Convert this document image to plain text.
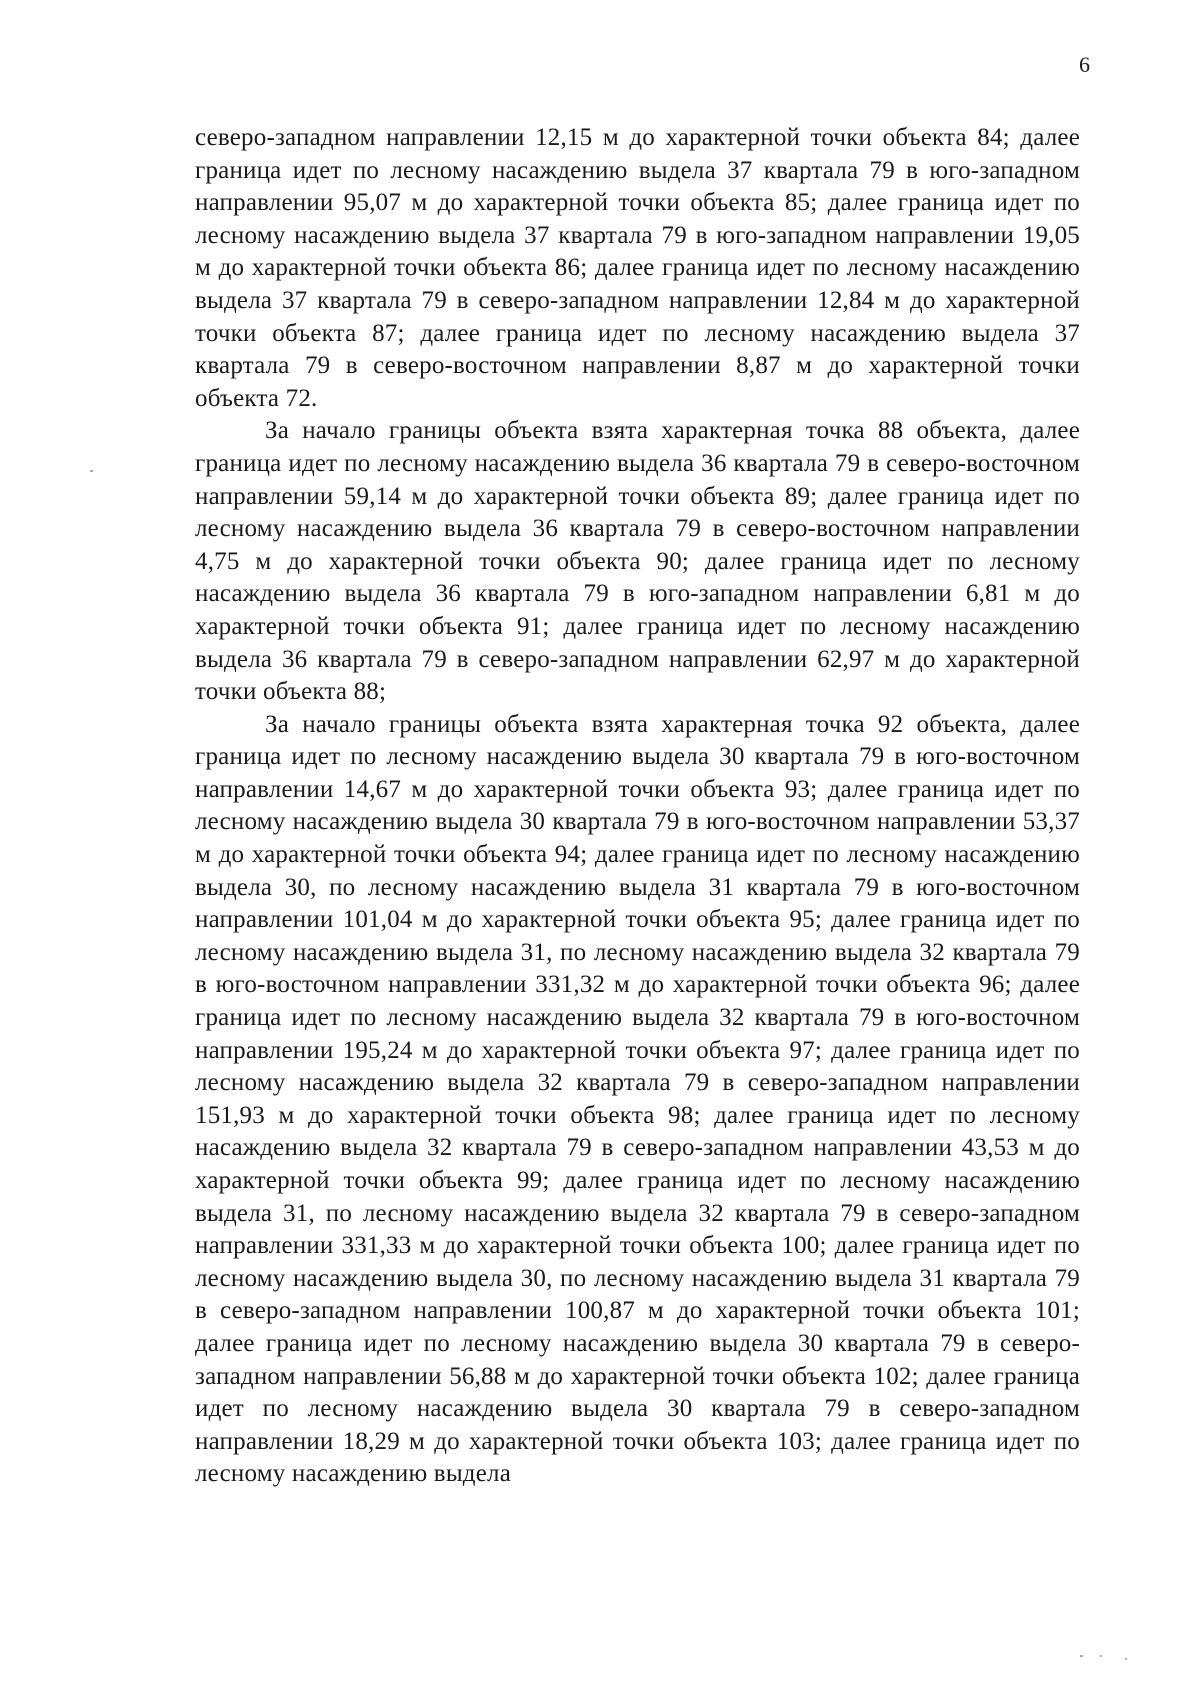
6

северо-западном направлении 12,15 м до характерной точки объекта 84; далее граница идет по лесному насаждению выдела 37 квартала 79 в юго-западном направлении 95,07 м до характерной точки объекта 85; далее граница идет по лесному насаждению выдела 37 квартала 79 в юго-западном направлении 19,05 м до характерной точки объекта 86; далее граница идет по лесному насаждению выдела 37 квартала 79 в северо-западном направлении 12,84 м до характерной точки объекта 87; далее граница идет по лесному насаждению выдела 37 квартала 79 в северо-восточном направлении 8,87 м до характерной точки объекта 72.

За начало границы объекта взята характерная точка 88 объекта, далее граница идет по лесному насаждению выдела 36 квартала 79 в северо-восточном направлении 59,14 м до характерной точки объекта 89; далее граница идет по лесному насаждению выдела 36 квартала 79 в северо-восточном направлении 4,75 м до характерной точки объекта 90; далее граница идет по лесному насаждению выдела 36 квартала 79 в юго-западном направлении 6,81 м до характерной точки объекта 91; далее граница идет по лесному насаждению выдела 36 квартала 79 в северо-западном направлении 62,97 м до характерной точки объекта 88;

За начало границы объекта взята характерная точка 92 объекта, далее граница идет по лесному насаждению выдела 30 квартала 79 в юго-восточном направлении 14,67 м до характерной точки объекта 93; далее граница идет по лесному насаждению выдела 30 квартала 79 в юго-восточном направлении 53,37 м до характерной точки объекта 94; далее граница идет по лесному насаждению выдела 30, по лесному насаждению выдела 31 квартала 79 в юго-восточном направлении 101,04 м до характерной точки объекта 95; далее граница идет по лесному насаждению выдела 31, по лесному насаждению выдела 32 квартала 79 в юго-восточном направлении 331,32 м до характерной точки объекта 96; далее граница идет по лесному насаждению выдела 32 квартала 79 в юго-восточном направлении 195,24 м до характерной точки объекта 97; далее граница идет по лесному насаждению выдела 32 квартала 79 в северо-западном направлении 151,93 м до характерной точки объекта 98; далее граница идет по лесному насаждению выдела 32 квартала 79 в северо-западном направлении 43,53 м до характерной точки объекта 99; далее граница идет по лесному насаждению выдела 31, по лесному насаждению выдела 32 квартала 79 в северо-западном направлении 331,33 м до характерной точки объекта 100; далее граница идет по лесному насаждению выдела 30, по лесному насаждению выдела 31 квартала 79 в северо-западном направлении 100,87 м до характерной точки объекта 101; далее граница идет по лесному насаждению выдела 30 квартала 79 в северо-западном направлении 56,88 м до характерной точки объекта 102; далее граница идет по лесному насаждению выдела 30 квартала 79 в северо-западном направлении 18,29 м до характерной точки объекта 103; далее граница идет по лесному насаждению выдела
